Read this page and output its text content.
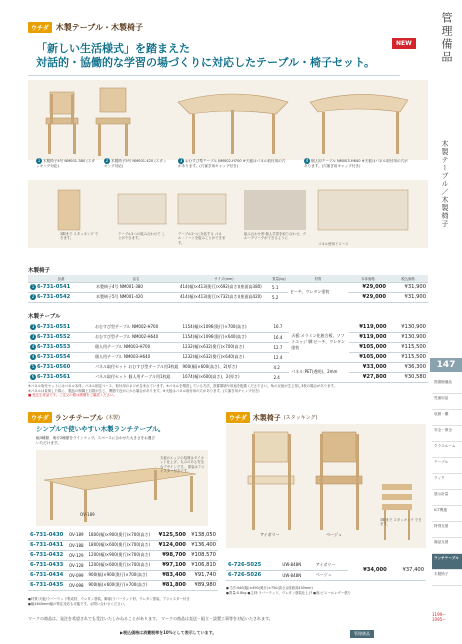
ウチダ 木製テーブル・木製椅子
NEW
「新しい生活様式」を踏まえた
対話的・協働的な学習の場づくりに対応したテーブル・椅子セット。	管理備品
木製テーブル／木製椅子
147
図書館備品
児童用品
収納・棚
安全・保全
クラスルーム
テーブル
ラック
展示計量
ICT関連
特別支援
備品支援
ランチテーブル
木製椅子
1199～
1095～
1 木製椅子4号 NM001-380 (スタッキング対応)
2 木製椅子5号 NM001-420 (スタッキング対応)
3 おむすび型テーブル NM002-H700 ※天板はパネル取付用の穴があります。(穴塞ぎ用キャップ付き)
4 個人用テーブル NM003-H640 ※天板はパネル取付用の穴があります。(穴塞ぎ用キャップ付き)
3脚まで スタッキング できます。
テーブル2つの組み合わせで ことができます。
テーブル2つに対応する パネル・ノートを組みことができます。
組み合わせ例 個人学習を取り合わせ、グループワークができるように
パネル使用イメージ
木製椅子
品番	品名	サイズ(mm)	質量(kg)	材質	本体価格	税込価格
1 6-731-0541	木製椅子4号 NM001-380	414(幅)×413(奥行)×692(高さ)(座面高380)	5.1	ビーチ、ウレタン塗装	¥29,000	¥31,900
2 6-731-0542	木製椅子5号 NM001-420	414(幅)×413(奥行)×732(高さ)(座面高420)	5.2		¥29,000	¥31,900
木製テーブル
3 6-731-0551	おむすび型テーブル NM002-H700	1154(幅)×1096(奥行)×700(高さ)	16.7	天板:メラミン化粧合板、ソフトエッジ 脚:ビーチ、ウレタン塗装	¥119,000	¥130,900
3 6-731-0552	おむすび型テーブル NM002-H640	1154(幅)×1096(奥行)×640(高さ)	16.4		¥119,000	¥130,900
4 6-731-0553	個人用テーブル NM003-H700	1232(幅)×632(奥行)×700(高さ)	12.7		¥105,000	¥115,500
4 6-731-0554	個人用テーブル NM003-H640	1232(幅)×632(奥行)×640(高さ)	12.4		¥105,000	¥115,500
5 6-731-0560	パネル取付セット おむすび型テーブル用3枚組	900(幅)×600(高さ)、2(厚さ)	4.2	パネル:PET(透明)、2mm	¥33,000	¥36,300
6 6-731-0561	パネル取付セット 個人用テーブル用1枚組	1074(幅)×600(高さ)、2(厚さ)	2.4		¥27,800	¥30,580
※パネル取付セットにはパネル本体、パネル固定ベース、取付用のネジが含まれています。※パネルを増設している方法、設置環境や用途を配慮くださ下さい。角の反射が生じ得し3枚の場合があります。
※パネルは負荷した際に、製品の制御上目財が生じ、関節不良がにかる場合があります。※天板はパネル取付用の穴があります。(穴塞ぎ用キャップ付き)
■ 受注生産品です。ご注文の際は納期をご確認ください。
ウチダ ランチテーブル (木製)
シンプルで使いやすい木製ランチテーブル。
幅3種類、奥行2種類をラインナップ。スペースに合わせた大きさをお選びいただけます。
OV-189
天板のエッジの処理はダイカット仕上げ、丸みのある安全なデザインです。 塗装はアジャスター付きです。
6-731-0430	OV-189	1800(幅)×900(奥行)×700(高さ)	¥125,500	¥138,050
6-731-0431	OV-188	1800(幅)×600(奥行)×700(高さ)	¥124,000	¥136,400
6-731-0432	OV-129	1200(幅)×900(奥行)×700(高さ)	¥98,700	¥108,570
6-731-0433	OV-128	1200(幅)×600(奥行)×700(高さ)	¥97,100	¥106,810
6-731-0434	OV-099	900(幅)×900(奥行)×700(高さ)	¥83,400	¥91,740
6-731-0435	OV-098	900(幅)×600(奥行)×700(高さ)	¥81,800	¥89,980
●材質:天板/ラバーウッド集成材、ウレタン塗装、脚部/ラバーウッド材、ウレタン塗装、アジャスター付き
●幅1640mm幅の特注対応も可能です。お問い合わせください。
ウチダ 木製椅子 (スタッキング)
アイボリー	ベージュ
3脚まで スタッキング できます。
6-726-5025	UW-848N	アイボリー	¥34,000	¥37,400
6-726-5026	UW-848N	ベージュ		
●寸法:440(幅)×490(奥行)×750(高さ)(座面高430mm)
●質量:5.8kg ●主材:ラバーウッド、ウレタン塗装仕上げ ●座:ビニールレザー張り
マークの商品は、発注を希望されても受注いたしかねることがあります。 マークの商品は直送・組立・設置工事等を対応いたされます。
▶税込価格は消費税率を10%として表示しています。	管理備品
